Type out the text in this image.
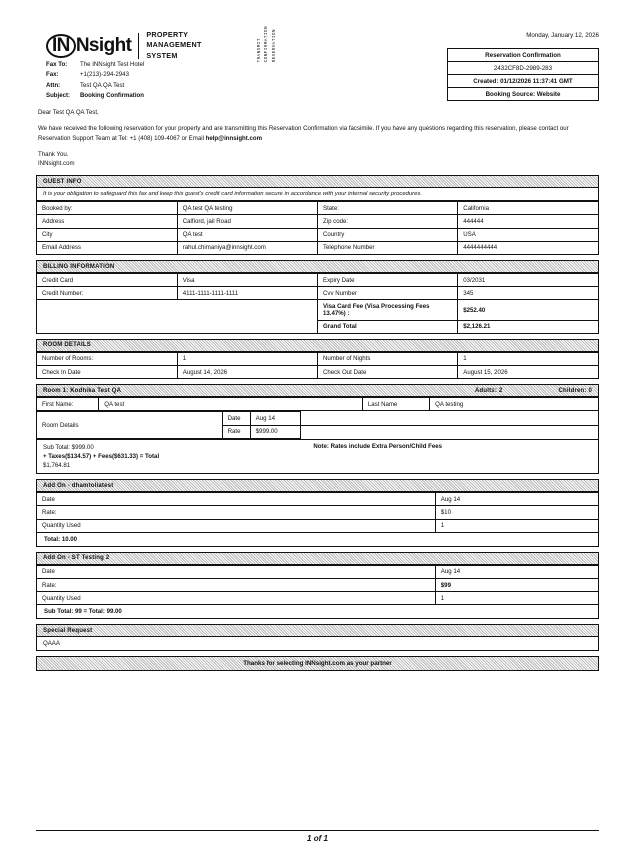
IN Nsight
PROPERTY
MANAGEMENT
SYSTEM	TRANSMIT CONFIRMATION RESERVATION
Fax To:	The INNsight Test Hotel
Fax:	+1(213)-294-2943
Attn:	Test QA QA Test
Subject:	Booking Confirmation
Monday, January 12, 2026
Reservation Confirmation
2432CF8D-2989-283
Created: 01/12/2026 11:37:41 GMT
Booking Source: Website

Dear Test QA QA Test,

We have received the following reservation for your property and are transmitting this Reservation Confirmation via facsimile. If you have any questions regarding this reservation, please contact our Reservation Support Team at Tel: +1 (408) 109-4067 or Email help@innsight.com

Thank You.

INNsight.com

GUEST INFO
It is your obligation to safeguard this fax and keep this guest's credit card information secure in accordance with your internal security procedures.
Booked by:	QA test QA testing	State:	California
Address	Calfiord, jail Road	Zip code:	444444
City	QA test	Country	USA
Email Address	rahul.chimaniya@innsight.com	Telephone Number	4444444444
BILLING INFORMATION
Credit Card	Visa	Expiry Date	03/2031
Credit Number:	4111-1111-1111-1111	Cvv Number	345
		Visa Card Fee (Visa Processing Fees 13.47%) :	$252.40
		Grand Total	$2,126.21
ROOM DETAILS
Number of Rooms:	1	Number of Nights	1
Check In Date	August 14, 2026	Check Out Date	August 15, 2026
Room 1: Kodhika Test QA	Adults: 2	Children: 0
First Name:	QA test	Last Name	QA testing
Room Details	Date	Aug 14	
	Rate	$999.00	
Sub Total: $999.00
+ Taxes($134.57) + Fees($631.33) = Total
$1,764.81
Note: Rates include Extra Person/Child Fees
Add On - dhamtoliatest
Date	Aug 14
Rate:	$10
Quantity Used	1
Total: 10.00
Add On - ST Testing 2
Date	Aug 14
Rate:	$99
Quantity Used	1
Sub Total: 99 = Total: 99.00
Special Request
QAAA
Thanks for selecting INNsight.com as your partner
1 of 1
